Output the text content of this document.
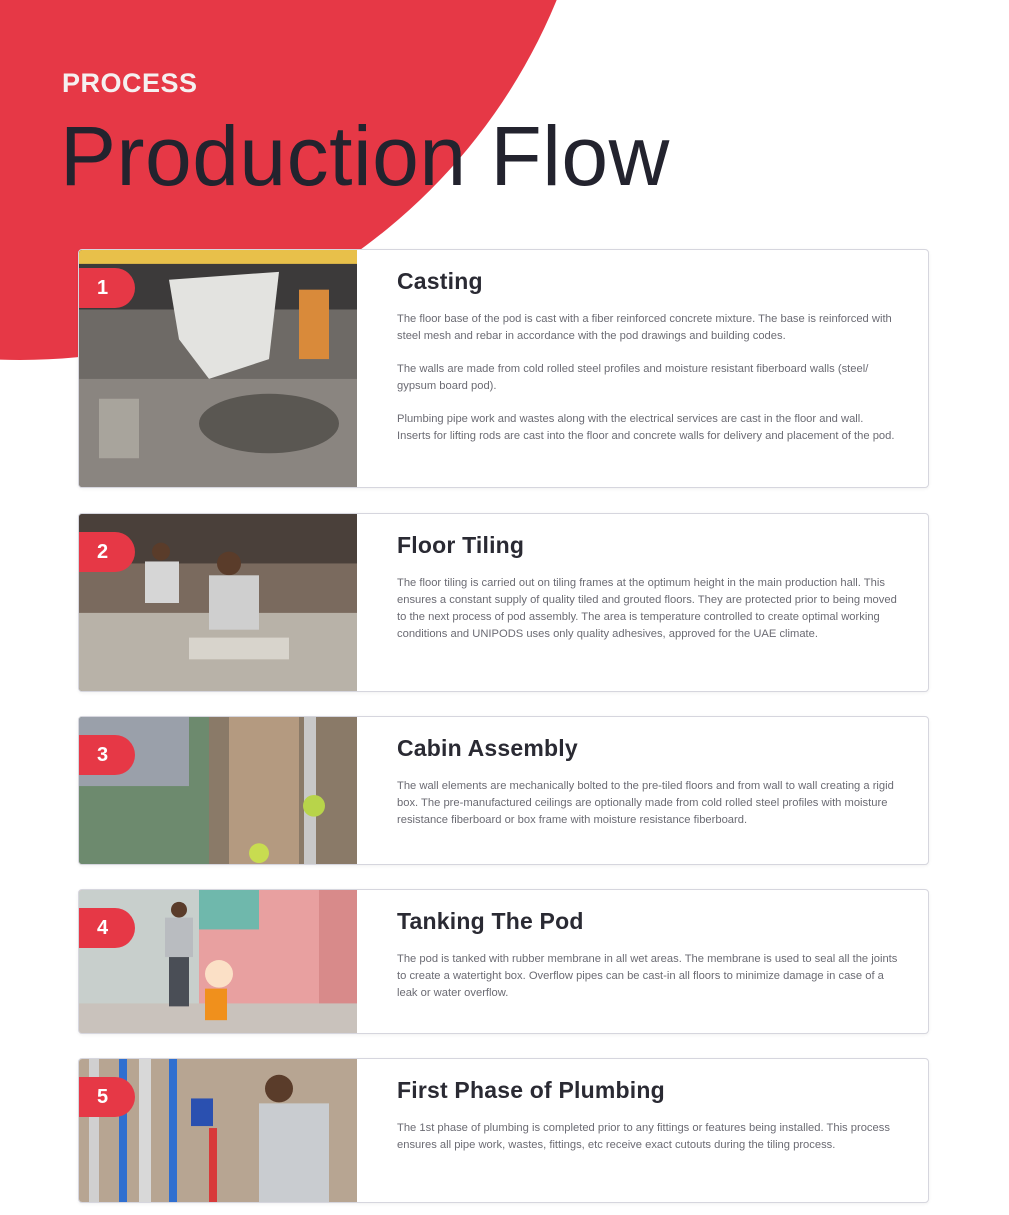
PROCESS
Production Flow
1	Casting

The floor base of the pod is cast with a fiber reinforced concrete mixture. The base is reinforced with steel mesh and rebar in accordance with the pod drawings and building codes.

The walls are made from cold rolled steel profiles and moisture resistant fiberboard walls (steel/ gypsum board pod).

Plumbing pipe work and wastes along with the electrical services are cast in the floor and wall. Inserts for lifting rods are cast into the floor and concrete walls for delivery and placement of the pod.

2	Floor Tiling

The floor tiling is carried out on tiling frames at the optimum height in the main production hall. This ensures a constant supply of quality tiled and grouted floors. They are protected prior to being moved to the next process of pod assembly. The area is temperature controlled to create optimal working conditions and UNIPODS uses only quality adhesives, approved for the UAE climate.

3	Cabin Assembly

The wall elements are mechanically bolted to the pre-tiled floors and from wall to wall creating a rigid box. The pre-manufactured ceilings are optionally made from cold rolled steel profiles with moisture resistance fiberboard or box frame with moisture resistance fiberboard.

4	Tanking The Pod

The pod is tanked with rubber membrane in all wet areas. The membrane is used to seal all the joints to create a watertight box. Overflow pipes can be cast-in all floors to minimize damage in case of a leak or water overflow.

5	First Phase of Plumbing

The 1st phase of plumbing is completed prior to any fittings or features being installed. This process ensures all pipe work, wastes, fittings, etc receive exact cutouts during the tiling process.
